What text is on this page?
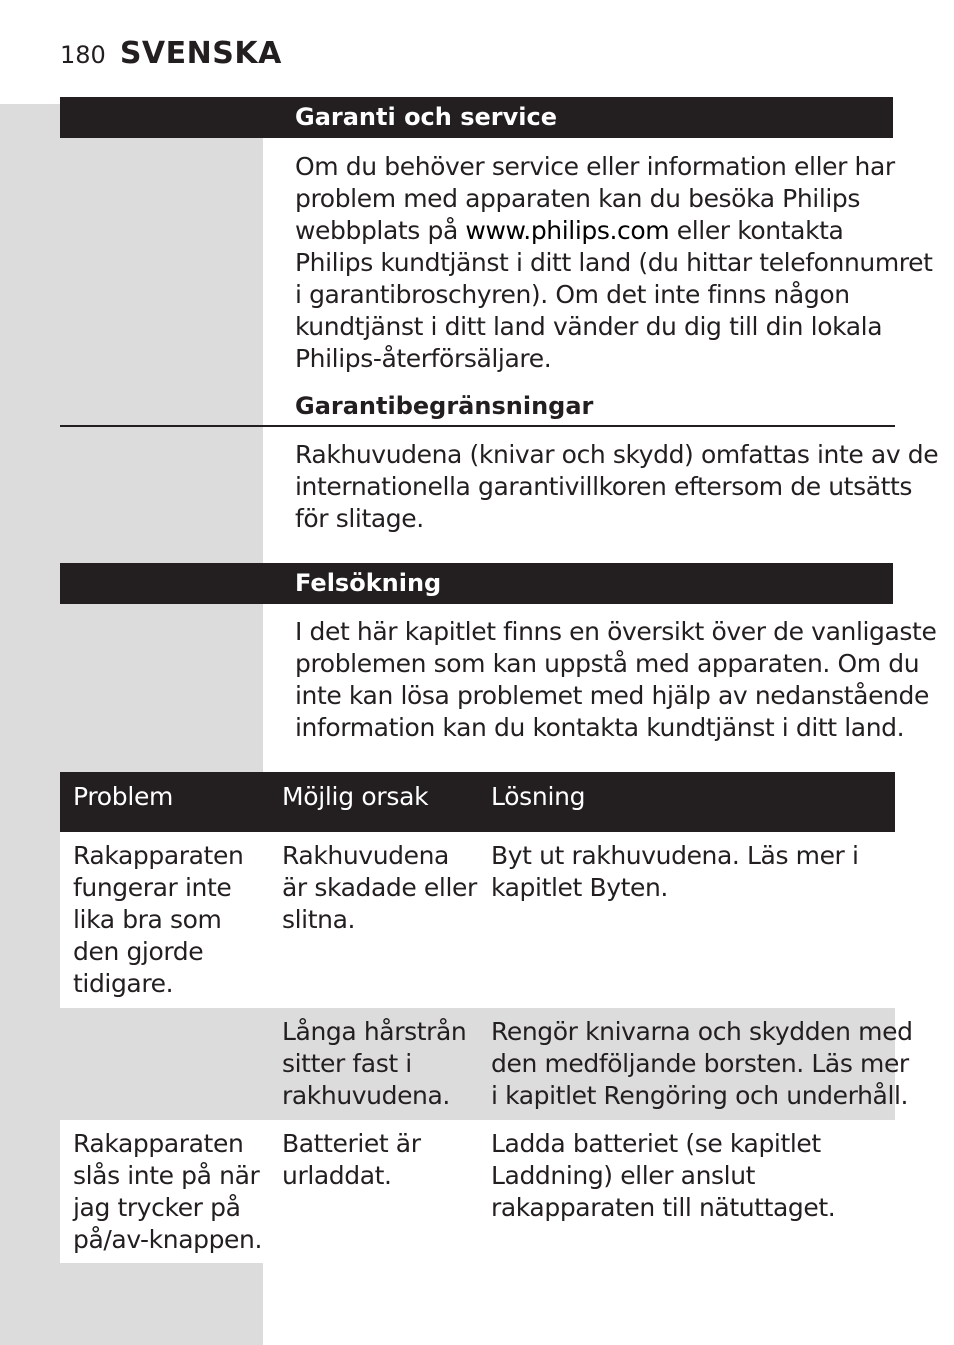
180 SVENSKA
Garanti och service
Om du behöver service eller information eller har
problem med apparaten kan du besöka Philips
webbplats på www.philips.com eller kontakta
Philips kundtjänst i ditt land (du hittar telefonnumret
i garantibroschyren). Om det inte finns någon
kundtjänst i ditt land vänder du dig till din lokala
Philips-återförsäljare.
Garantibegränsningar
Rakhuvudena (knivar och skydd) omfattas inte av de
internationella garantivillkoren eftersom de utsätts
för slitage.
Felsökning
I det här kapitlet finns en översikt över de vanligaste
problemen som kan uppstå med apparaten. Om du
inte kan lösa problemet med hjälp av nedanstående
information kan du kontakta kundtjänst i ditt land.
Problem	Möjlig orsak	Lösning
Rakapparaten
fungerar inte
lika bra som
den gjorde
tidigare.
Rakhuvudena
är skadade eller
slitna.
Byt ut rakhuvudena. Läs mer i
kapitlet Byten.
Långa hårstrån
sitter fast i
rakhuvudena.
Rengör knivarna och skydden med
den medföljande borsten. Läs mer
i kapitlet Rengöring och underhåll.
Rakapparaten
slås inte på när
jag trycker på
på/av-knappen.
Batteriet är
urladdat.
Ladda batteriet (se kapitlet
Laddning) eller anslut
rakapparaten till nätuttaget.
